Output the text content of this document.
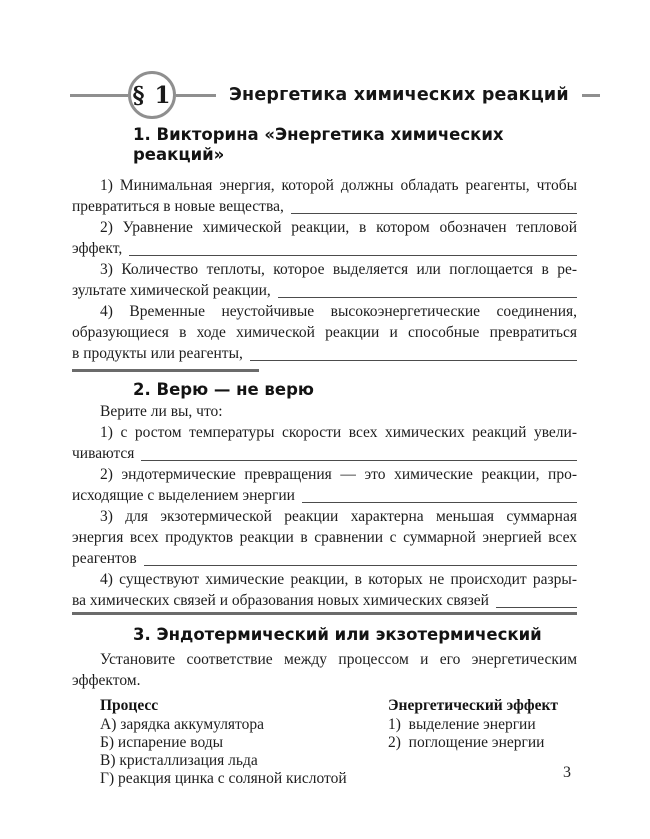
§ 1	Энергетика химических реакций
1. Викторина «Энергетика химических реакций»
1) Минимальная энергия, которой должны обладать реагенты, чтобы
превратиться в новые вещества,
2) Уравнение химической реакции, в котором обозначен тепловой
эффект,
3) Количество теплоты, которое выделяется или поглощается в ре-
зультате химической реакции,
4) Временные неустойчивые высокоэнергетические соединения,
образующиеся в ходе химической реакции и способные превратиться
в продукты или реагенты,
2. Верю — не верю
Верите ли вы, что:
1) с ростом температуры скорости всех химических реакций увели-
чиваются
2) эндотермические превращения — это химические реакции, про-
исходящие с выделением энергии
3) для экзотермической реакции характерна меньшая суммарная
энергия всех продуктов реакции в сравнении с суммарной энергией всех
реагентов
4) существуют химические реакции, в которых не происходит разры-
ва химических связей и образования новых химических связей
3. Эндотермический или экзотермический
Установите соответствие между процессом и его энергетическим
эффектом.
Процесс
А) зарядка аккумулятора
Б) испарение воды
В) кристаллизация льда
Г) реакция цинка с соляной кислотой
Энергетический эффект
1)  выделение энергии
2)  поглощение энергии
3
